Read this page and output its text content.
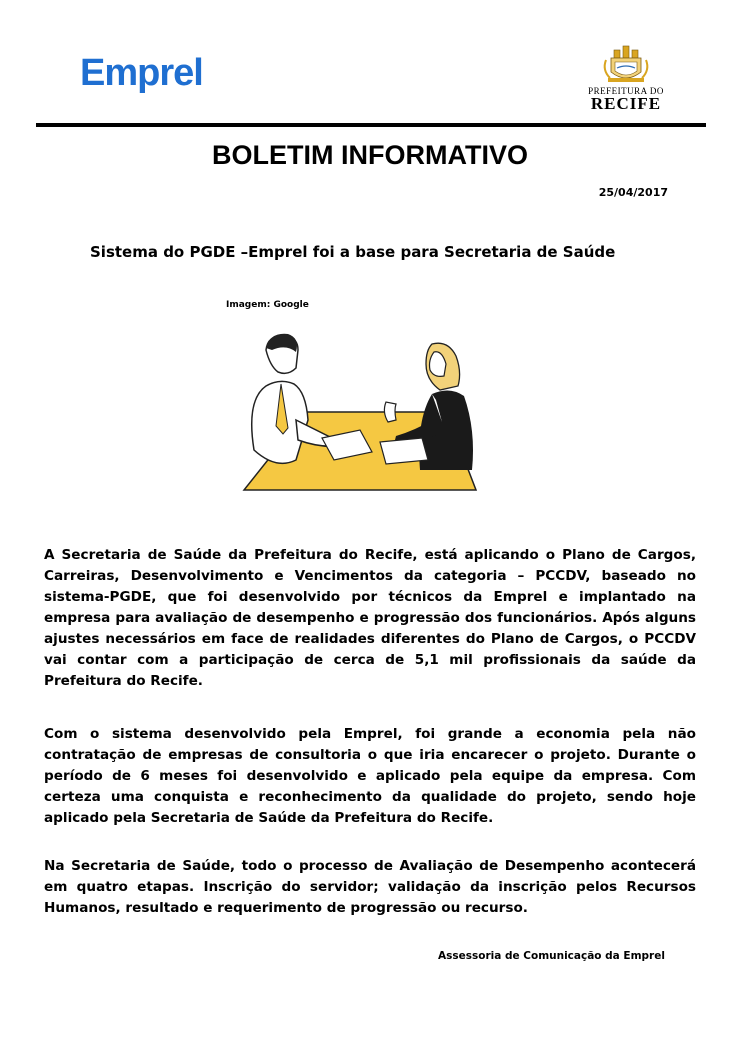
Emprel	PREFEITURA DO
RECIFE
BOLETIM INFORMATIVO
25/04/2017
Sistema do PGDE –Emprel foi a base para Secretaria de Saúde
Imagem: Google

A Secretaria de Saúde da Prefeitura do Recife, está aplicando o Plano de Cargos, Carreiras, Desenvolvimento e Vencimentos da categoria – PCCDV, baseado no sistema-PGDE, que foi desenvolvido por técnicos da Emprel e implantado na empresa para avaliação de desempenho e progressão dos funcionários. Após alguns ajustes necessários em face de realidades diferentes do Plano de Cargos, o PCCDV vai contar com a participação de cerca de 5,1 mil profissionais da saúde da Prefeitura do Recife.

Com o sistema desenvolvido pela Emprel, foi grande a economia pela não contratação de empresas de consultoria o que iria encarecer o projeto. Durante o período de 6 meses foi desenvolvido e aplicado pela equipe da empresa. Com certeza uma conquista e reconhecimento da qualidade do projeto, sendo hoje aplicado pela Secretaria de Saúde da Prefeitura do Recife.

Na Secretaria de Saúde, todo o processo de Avaliação de Desempenho acontecerá em quatro etapas. Inscrição do servidor; validação da inscrição pelos Recursos Humanos, resultado e requerimento de progressão ou recurso.

Assessoria de Comunicação da Emprel
